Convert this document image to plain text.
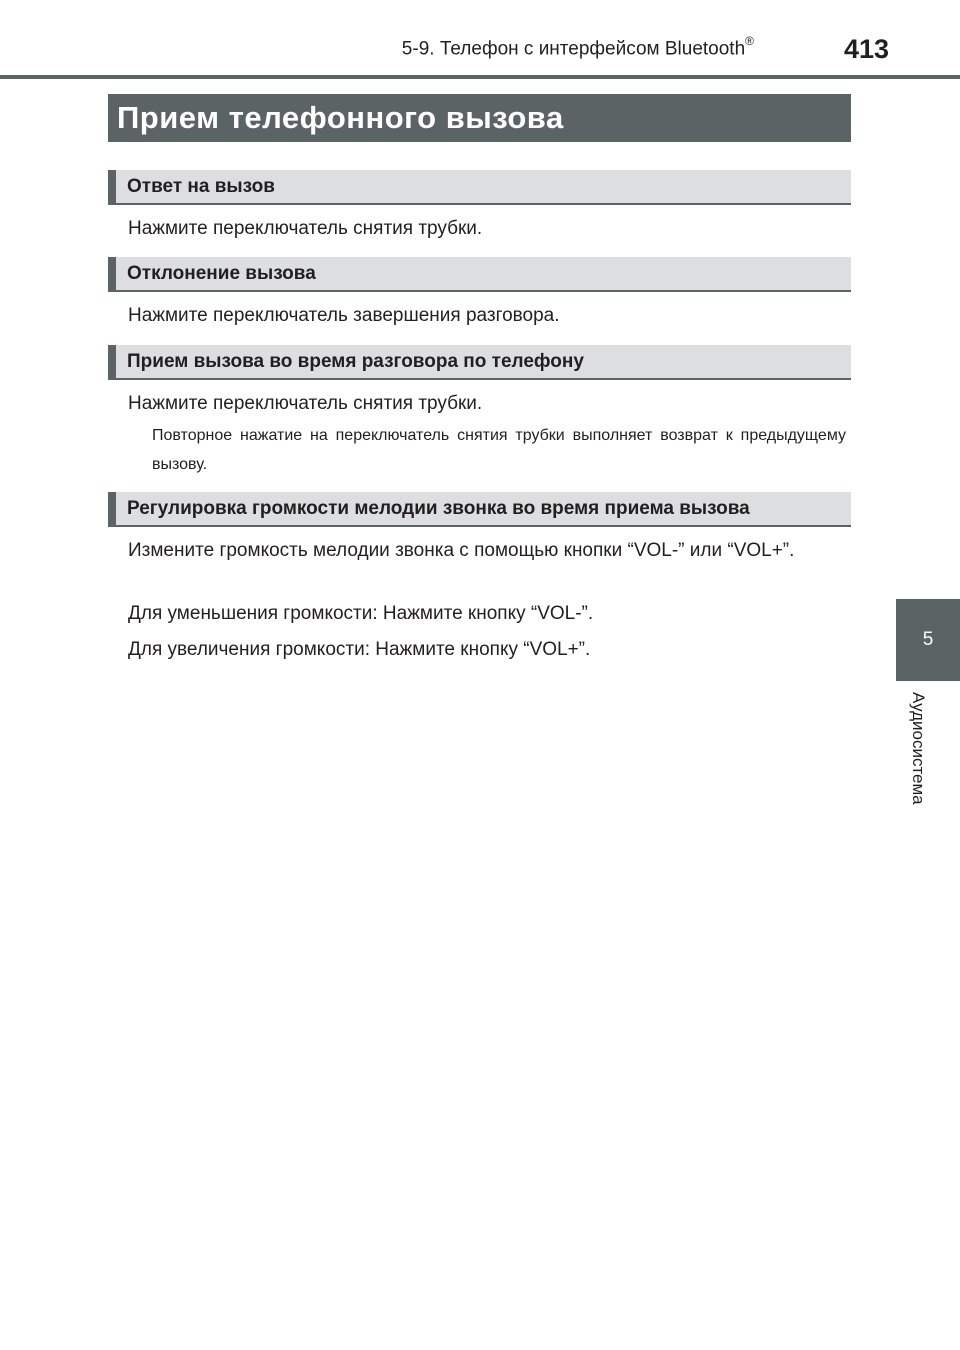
5-9. Телефон с интерфейсом Bluetooth®	413
5
Аудиосистема
Прием телефонного вызова
Ответ на вызов
Нажмите переключатель снятия трубки.
Отклонение вызова
Нажмите переключатель завершения разговора.
Прием вызова во время разговора по телефону
Нажмите переключатель снятия трубки.
Повторное нажатие на переключатель снятия трубки выполняет возврат к предыдущему вызову.
Регулировка громкости мелодии звонка во время приема вызова
Измените громкость мелодии звонка с помощью кнопки “VOL-” или “VOL+”.
Для уменьшения громкости: Нажмите кнопку “VOL-”.
Для увеличения громкости: Нажмите кнопку “VOL+”.
